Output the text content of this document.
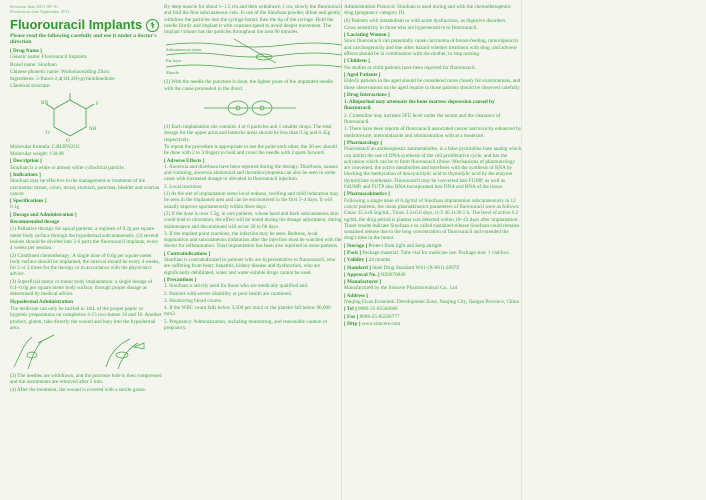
Revision date 2011-09-10
Production date September 2011
Fluorouracil Implants ⚕
Please read the following carefully and use it under a doctor's direction
[ Drug Name ]

Generic name: Fluorouracil Implants

Brand name: Sinofuan

Chinese phonetic name: Wufuniaomiding Zhiru

Ingredients: 5-fluoro-2,4(1H,3H)-pyrimidinedione

Chemical structure:

O
HN	F
NH
O

Molecular formula: C4H3FN2O2

Molecular weight: 130.08

[ Description ]

Sinofuan is a white or almost white cylindrical particle.

[ Indications ]

Sinofuan may be effective in the management or treatment of the carcinoma: breast, colon, rectal, stomach, pancreas, bladder and ovarian cancer.

[ Specifications ]

0.1g

[ Dosage and Administration ]

Recommended dosage

(1) Palliative therapy for apical patients: a regimen of 0.2g per square meter body surface through the hypodermal subcutaneously. (2) several lesions should be divided into 3-6 parts the fluorouracil implants, every 4 weeks per session.

(2) Combined chemotherapy: A single dose of 0.6g per square meter body surface should be implanted, the interval should be every 4 weeks, for 2 or 3 times for the therapy or in accordance with the physician's advice.

(3) Superficial tumor or tumor body implantation: a single dosage of 0.4~0.6g per square meter body surface, through proper dosage as determined by medical advice.

Hypodermal Administration

The medicine can only be carried in 1mL of the proper peptic or hygienic preparations on completion 4-15 two-lumen 18 and 16. Another product, gluten, take directly the wound and bury into the hypodermal area.

(3) The needles are withdrawn, and the puncture hole is then compressed and the instruments are removed after 5 min.

(4) After the treatment, the wound is covered with a sterile gauze.

By deep muscle for about 1~1.5 cm and then withdrawn 1 cm, slowly the fluorouracil and fold the first subcutaneous vein. In use of the Sinofuan powder, dilute and gently withdraw the particles into the syringe barrel, then the tip of the syringe. Hold the needle firmly and implant it with constant speed to avoid deeper movement. The implant volume has the particles throughout the area 90 minutes.

Subcutaneous tissue
Fat layer
Muscle

(2) With the needle the puncture is done, the lighter point of the implanted needle with the cause proceeded in the direct.

(3) Each implantation site contains 4 or 6 particles and 1 smaller drops. The total dosage for the upper arms and buttocks areas should be less than 0.3g and 0.45g respectively.

To repeat the procedure is appropriate to use the point each other, the 30 sec should be done with 2 to 3 fingers to hold and cover the needle with 2 spots forward.

[ Adverse Effects ]

1. Anorexia and diarrhoea have been reported during the therapy. Diarrhoea, nausea and vomiting, anorexia abdominal and thrombocytopenia can also be seen in some cases with increased dosage or elevated in fluorouracil injection.

2. Local reactions:

(1) At the site of implantation some local redness, swelling and mild induration may be seen in the implanted area and can be encountered in the first 3~4 days. It will usually improve spontaneously within three days.

(2) If the dose is over 1.5g, in rare patients, whose hand and back subcutaneous skin could lead to ulceration, the effect will be noted during the dosage adjustment, during maintenance and discontinued will occur 20 to 60 days.

3. If the implant point reactions, the infection may be seen. Redness, local suppuration and subcutaneous induration after the injection must be watched with the doctor for inflammation. Total implantation has been also reported in some patients.

[ Contraindications ]

Sinofuan is contraindicated in patients who are hypersensitive to fluorouracil, who are suffering from heart, hepatitis, kidney disease and dysfunction, who are significantly debilitated, water and water-soluble drugs cannot be used.

[ Precautions ]

1. Sinofuan is strictly used for those who are medically qualified and.

2. Patients with severe disability or poor health are cautioned.

3. Monitoring blood counts.

4. If the WBC count falls below 3,500 per mm3 or the platelet fall below 90,000 mm3.

5. Pregnancy: Administration, including monitoring, and reasonable caution in pregnancy.

Administration Protocol: Sinofuan is used during and with the chemotherapeutic drug (pregnancy category D).

(6) Patients with metabolism or with acute dysfunction, as digestive disorders.

Cross sensitivity in those who are hypersensitive to fluorouracil.

[ Lactating Women ]

Since fluorouracil can potentially cause carcinoma of breast-feeding, tumorigenicity and carcinogenicity and due other hazard whether treatment with drug, and adverse effects should be in combination with the mother, to stop nursing.

[ Children ]

No studies or child patients have been reported for fluorouracil.

[ Aged Patients ]

Elderly patients in the aged should be considered more closely for examinations, and those observations on the aged require in those patients should be observed carefully.

[ Drug Interactions ]

1. Allopurinol may attenuate the bone marrow depression caused by fluorouracil.

2. Cimetidine may increase 5FU level under the serum and the clearance of fluorouracil.

3. There have been reports of fluorouracil associated cancer and toxicity enhanced by methotrexate, metronidazole and administration with at a moderate.

[ Pharmacology ]

Fluorouracil an antineoplastic antimetabolite, is a false pyrimidine base analog which can inhibit the use of DNA synthesis of the cell proliferative cycle, and has the activation which can be to form fluorouracil ribose. Mechanisms of pharmacology are converted, the active metabolites and interferes with the synthesis of RNA by blocking the methylation of deoxyuridylic acid to thymidylic acid by the enzyme thymidylate synthetase. Fluorouracil may be converted into FUMP, as well as FdUMP, and FUTP also RNA incorporated into DNA and RNA of the tissue.

[ Pharmacokinetics ]

Following a single dose of 0.4g/m2 of Sinofuan implantation subcutaneously in 12 cancer patients, the mean plasmakinetics parameters of fluorouracil were as follows: Cmax 25.2±8.5ng/mL, Tmax 2.2±0.6 days, t1/2 46.1±20.5 h. The level of active 0.2 ng/mL the drug period is plasma was detected within 10~43 days after implantation. These results indicate Sinofuan a so called sustained-release Sinofuan could remains sustained release due to the long concentration of fluorouracil and extended the drug's time in the tumor.

[ Storage ] Protect from light and keep airtight.

[ Pack ] Package material: Tube vial for medicine use. Package size: 1 vial/box.

[ Validity ] 24 months

[ Standard ] State Drug Standard WS1-(X-001)-2007Z

[ Approval No. ] H20070048

[ Manufacturer ]

Manufactured by the Simcere Pharmaceutical Co., Ltd

[ Address ]

Nanjing Ficus Economic Development Zone, Nanjing City, Jiangsu Province, China

[ Tel ] 0086-25-85566666

[ Fax ] 0086-25-85566777

[ Http ] www.simcere.com
